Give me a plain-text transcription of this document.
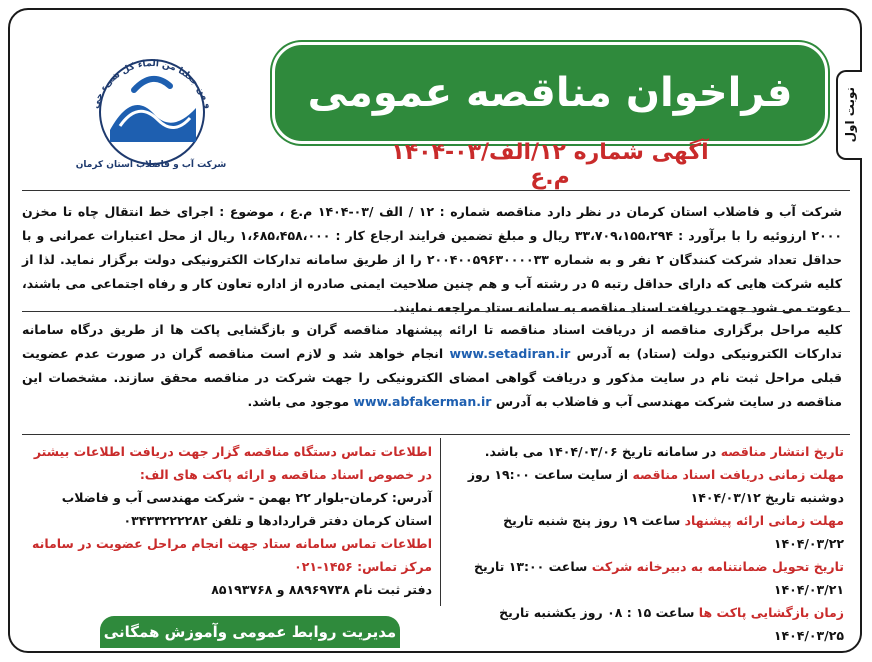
نوبت اول
فراخوان مناقصه عمومی
و من جعلنا من الماء کل شیء حی
شرکت آب و فاضلاب استان کرمان	آگهی شماره ۱۲/الف/۰۳-۱۴۰۴ م.ع
شرکت آب و فاضلاب استان کرمان در نظر دارد مناقصه شماره : ۱۲ / الف /۰۳-۱۴۰۴ م.ع ، موضوع : اجرای خط انتقال چاه تا مخزن ۲۰۰۰ ارزوئیه را با برآورد : ۳۳،۷۰۹،۱۵۵،۲۹۴ ریال و مبلغ تضمین فرایند ارجاع کار : ۱،۶۸۵،۴۵۸،۰۰۰ ریال از محل اعتبارات عمرانی و با حداقل تعداد شرکت کنندگان ۲ نفر و به شماره ۲۰۰۴۰۰۵۹۶۳۰۰۰۰۳۳ را از طریق سامانه تدارکات الکترونیکی دولت برگزار نماید. لذا از کلیه شرکت هایی که دارای حداقل رتبه ۵ در رشته آب و هم چنین صلاحیت ایمنی صادره از اداره تعاون کار و رفاه اجتماعی می باشند، دعوت می شود جهت دریافت اسناد مناقصه به سامانه ستاد مراجعه نمایند.
کلیه مراحل برگزاری مناقصه از دریافت اسناد مناقصه تا ارائه پیشنهاد مناقصه گران و بازگشایی پاکت ها از طریق درگاه سامانه تدارکات الکترونیکی دولت (ستاد) به آدرس www.setadiran.ir انجام خواهد شد و لازم است مناقصه گران در صورت عدم عضویت قبلی مراحل ثبت نام در سایت مذکور و دریافت گواهی امضای الکترونیکی را جهت شرکت در مناقصه محقق سازند. مشخصات این مناقصه در سایت شرکت مهندسی آب و فاضلاب به آدرس www.abfakerman.ir موجود می باشد.
تاریخ انتشار مناقصه در سامانه تاریخ ۱۴۰۴/۰۳/۰۶ می باشد.
مهلت زمانی دریافت اسناد مناقصه از سایت ساعت ۱۹:۰۰ روز دوشنبه تاریخ ۱۴۰۴/۰۳/۱۲
مهلت زمانی ارائه پیشنهاد ساعت ۱۹ روز پنج شنبه تاریخ ۱۴۰۴/۰۳/۲۲
تاریخ تحویل ضمانتنامه به دبیرخانه شرکت ساعت ۱۳:۰۰ تاریخ ۱۴۰۴/۰۳/۲۱
زمان بازگشایی پاکت ها ساعت ۱۵ : ۰۸ روز یکشنبه تاریخ ۱۴۰۴/۰۳/۲۵
اطلاعات تماس دستگاه مناقصه گزار جهت دریافت اطلاعات بیشتر در خصوص اسناد مناقصه و ارائه پاکت های الف:
آدرس: کرمان-بلوار ۲۲ بهمن - شرکت مهندسی آب و فاضلاب استان کرمان دفتر قراردادها و تلفن ۰۳۴۳۳۲۲۲۲۸۲
اطلاعات تماس سامانه ستاد جهت انجام مراحل عضویت در سامانه مرکز تماس: ۱۴۵۶-۰۲۱
دفتر ثبت نام ۸۸۹۶۹۷۳۸ و ۸۵۱۹۳۷۶۸
مدیریت روابط عمومی وآموزش همگانی
